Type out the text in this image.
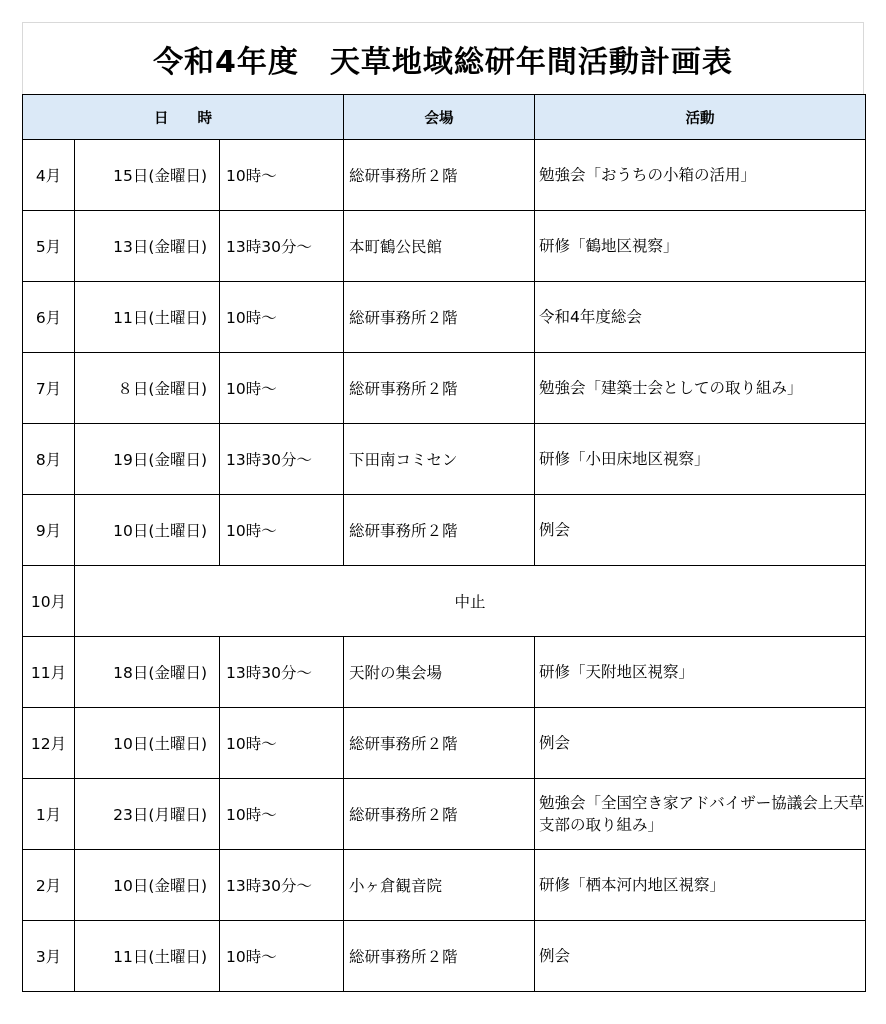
令和4年度　天草地域総研年間活動計画表
日　　時			会場	活動
4月	15日(金曜日)	10時～	総研事務所２階	勉強会「おうちの小箱の活用」
5月	13日(金曜日)	13時30分～	本町鶴公民館	研修「鶴地区視察」
6月	11日(土曜日)	10時～	総研事務所２階	令和4年度総会
7月	８日(金曜日)	10時～	総研事務所２階	勉強会「建築士会としての取り組み」
8月	19日(金曜日)	13時30分～	下田南コミセン	研修「小田床地区視察」
9月	10日(土曜日)	10時～	総研事務所２階	例会
10月	中止			
11月	18日(金曜日)	13時30分～	天附の集会場	研修「天附地区視察」
12月	10日(土曜日)	10時～	総研事務所２階	例会
1月	23日(月曜日)	10時～	総研事務所２階	勉強会「全国空き家アドバイザー協議会上天草支部の取り組み」
2月	10日(金曜日)	13時30分～	小ヶ倉観音院	研修「栖本河内地区視察」
3月	11日(土曜日)	10時～	総研事務所２階	例会
